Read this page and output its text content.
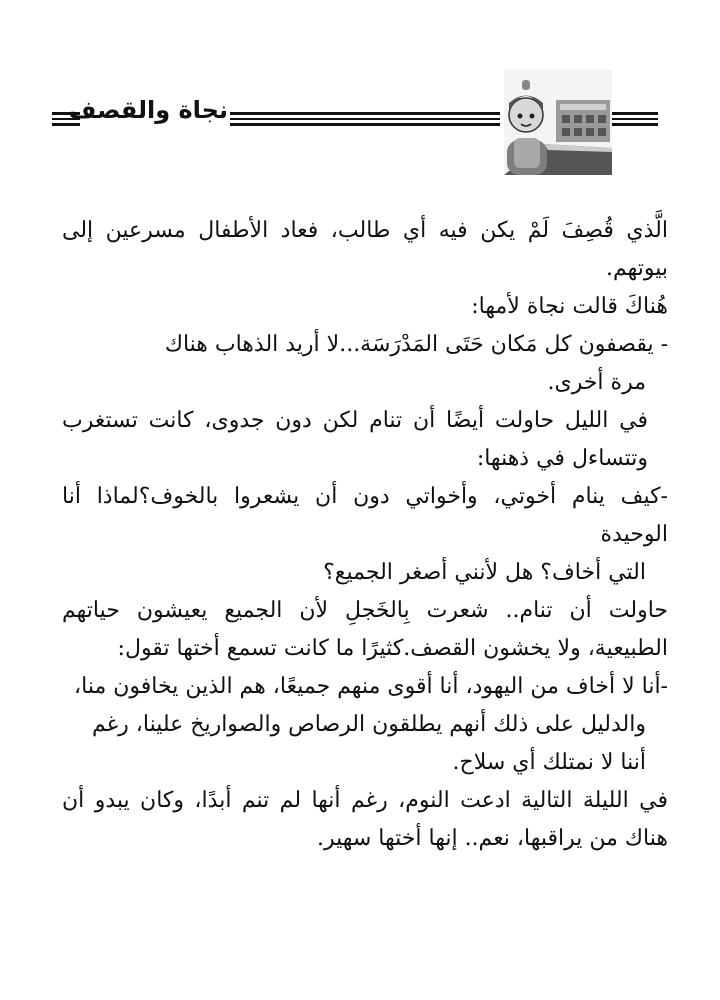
نجاة والقصف

الَّذي قُصِفَ لَمْ يكن فيه أي طالب، فعاد الأطفال مسرعين إلى بيوتهم.

هُناكَ قالت نجاة لأمها:

- يقصفون كل مَكان حَتَى المَدْرَسَة...لا أريد الذهاب هناك

مرة أخرى.

في الليل حاولت أيضًا أن تنام لكن دون جدوى، كانت تستغرب وتتساءل في ذهنها:

-كيف ينام أخوتي، وأخواتي دون أن يشعروا بالخوف؟لماذا أنا الوحيدة

التي أخاف؟ هل لأنني أصغر الجميع؟

حاولت أن تنام.. شعرت بِالخَجلِ لأن الجميع يعيشون حياتهم الطبيعية، ولا يخشون القصف.كثيرًا ما كانت تسمع أختها تقول:

-أنا لا أخاف من اليهود، أنا أقوى منهم جميعًا، هم الذين يخافون منا،

والدليل على ذلك أنهم يطلقون الرصاص والصواريخ علينا، رغم

أننا لا نمتلك أي سلاح.

في الليلة التالية ادعت النوم، رغم أنها لم تنم أبدًا، وكان يبدو أن هناك من يراقبها، نعم.. إنها أختها سهير.
